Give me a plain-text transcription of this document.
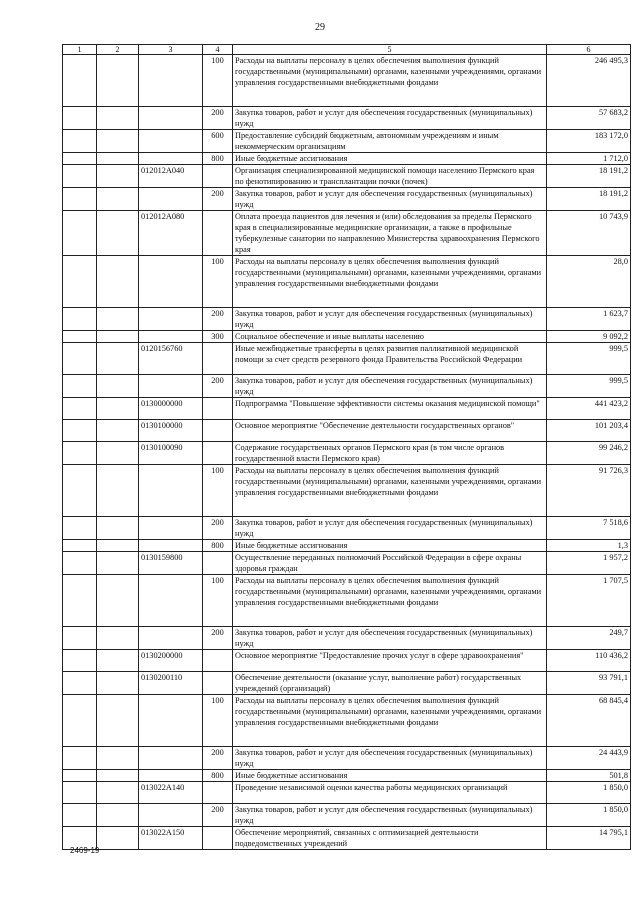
29
1	2	3	4	5	6
			100	Расходы на выплаты персоналу в целях обеспечения выполнения функций государственными (муниципальными) органами, казенными учреждениями, органами управления государственными внебюджетными фондами	246 495,3
			200	Закупка товаров, работ и услуг для обеспечения государственных (муниципальных) нужд	57 683,2
			600	Предоставление субсидий бюджетным, автономным учреждениям и иным некоммерческим организациям	183 172,0
			800	Иные бюджетные ассигнования	1 712,0
		012012А040		Организация специализированной медицинской помощи населению Пермского края по фенотипированию и трансплантации почки (почек)	18 191,2
			200	Закупка товаров, работ и услуг для обеспечения государственных (муниципальных) нужд	18 191,2
		012012А080		Оплата проезда пациентов для лечения и (или) обследования за пределы Пермского края в специализированные медицинские организации, а также в профильные туберкулезные санатории по направлению Министерства здравоохранения Пермского края	10 743,9
			100	Расходы на выплаты персоналу в целях обеспечения выполнения функций государственными (муниципальными) органами, казенными учреждениями, органами управления государственными внебюджетными фондами	28,0
			200	Закупка товаров, работ и услуг для обеспечения государственных (муниципальных) нужд	1 623,7
			300	Социальное обеспечение и иные выплаты населению	9 092,2
		0120156760		Иные межбюджетные трансферты в целях развития паллиативной медицинской помощи за счет средств резервного фонда Правительства Российской Федерации	999,5
			200	Закупка товаров, работ и услуг для обеспечения государственных (муниципальных) нужд	999,5
		0130000000		Подпрограмма "Повышение эффективности системы оказания медицинской помощи"	441 423,2
		0130100000		Основное мероприятие "Обеспечение деятельности государственных органов"	101 203,4
		0130100090		Содержание государственных органов Пермского края (в том числе органов государственной власти Пермского края)	99 246,2
			100	Расходы на выплаты персоналу в целях обеспечения выполнения функций государственными (муниципальными) органами, казенными учреждениями, органами управления государственными внебюджетными фондами	91 726,3
			200	Закупка товаров, работ и услуг для обеспечения государственных (муниципальных) нужд	7 518,6
			800	Иные бюджетные ассигнования	1,3
		0130159800		Осуществление переданных полномочий Российской Федерации в сфере охраны здоровья граждан	1 957,2
			100	Расходы на выплаты персоналу в целях обеспечения выполнения функций государственными (муниципальными) органами, казенными учреждениями, органами управления государственными внебюджетными фондами	1 707,5
			200	Закупка товаров, работ и услуг для обеспечения государственных (муниципальных) нужд	249,7
		0130200000		Основное мероприятие "Предоставление прочих услуг в сфере здравоохранения"	110 436,2
		0130200110		Обеспечение деятельности (оказание услуг, выполнение работ) государственных учреждений (организаций)	93 791,1
			100	Расходы на выплаты персоналу в целях обеспечения выполнения функций государственными (муниципальными) органами, казенными учреждениями, органами управления государственными внебюджетными фондами	68 845,4
			200	Закупка товаров, работ и услуг для обеспечения государственных (муниципальных) нужд	24 443,9
			800	Иные бюджетные ассигнования	501,8
		013022А140		Проведение независимой оценки качества работы медицинских организаций	1 850,0
			200	Закупка товаров, работ и услуг для обеспечения государственных (муниципальных) нужд	1 850,0
		013022А150		Обеспечение мероприятий, связанных с оптимизацией деятельности подведомственных учреждений	14 795,1
2469-19
